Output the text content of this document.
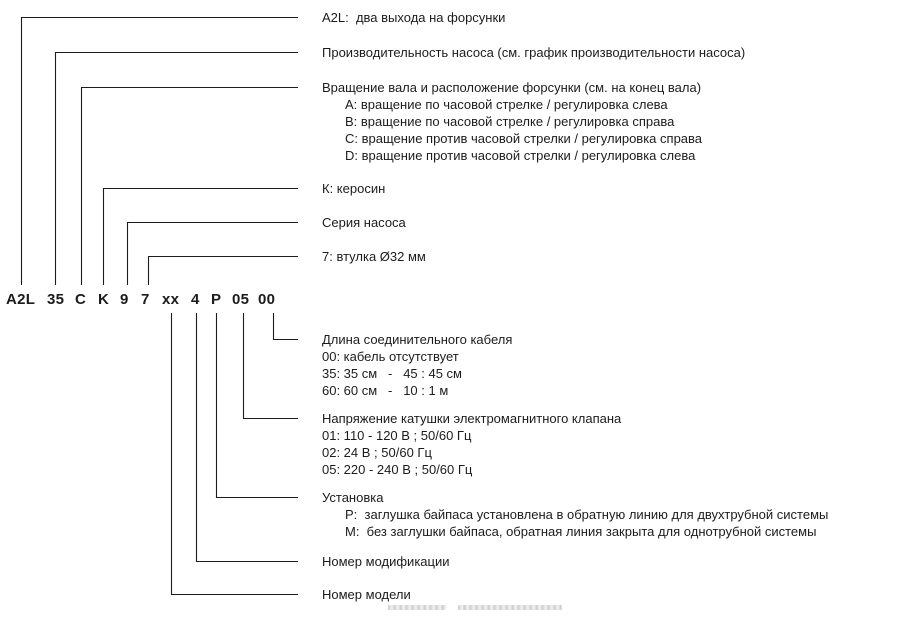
A2L 35 C K 9 7 xx 4 P 05 00
A2L:  два выхода на форсунки
Производительность насоса (см. график производительности насоса)
Вращение вала и расположение форсунки (см. на конец вала)
A: вращение по часовой стрелке / регулировка слева
B: вращение по часовой стрелке / регулировка справа
C: вращение против часовой стрелки / регулировка справа
D: вращение против часовой стрелки / регулировка слева
К: керосин
Серия насоса
7: втулка Ø32 мм
Длина соединительного кабеля
00: кабель отсутствует
35: 35 см   -   45 : 45 см
60: 60 см   -   10 : 1 м
Напряжение катушки электромагнитного клапана
01: 110 - 120 В ; 50/60 Гц
02: 24 В ; 50/60 Гц
05: 220 - 240 В ; 50/60 Гц
Установка
P:  заглушка байпаса установлена в обратную линию для двухтрубной системы
M:  без заглушки байпаса, обратная линия закрыта для однотрубной системы
Номер модификации
Номер модели
